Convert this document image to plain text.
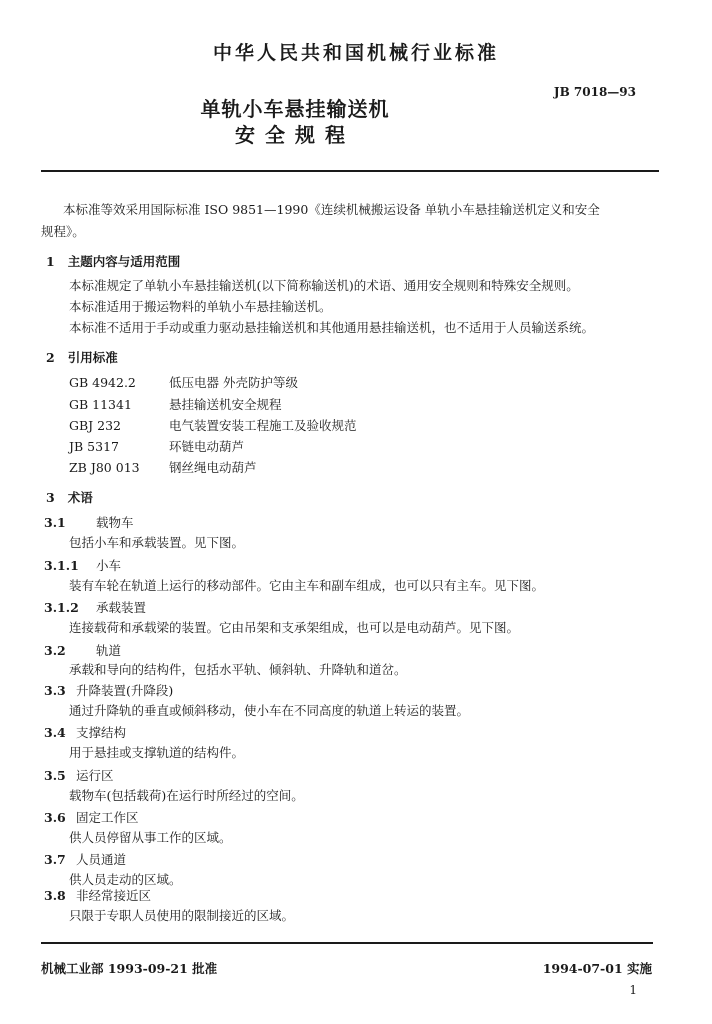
中华人民共和国机械行业标准
JB 7018—93
单轨小车悬挂输送机
安全规程
本标准等效采用国际标准 ISO 9851—1990《连续机械搬运设备 单轨小车悬挂输送机定义和安全
规程》。
1 主题内容与适用范围
本标准规定了单轨小车悬挂输送机(以下简称输送机)的术语、通用安全规则和特殊安全规则。
本标准适用于搬运物料的单轨小车悬挂输送机。
本标准不适用于手动或重力驱动悬挂输送机和其他通用悬挂输送机，也不适用于人员输送系统。
2 引用标准
GB 4942.2	低压电器 外壳防护等级
GB 11341	悬挂输送机安全规程
GBJ 232	电气装置安装工程施工及验收规范
JB 5317	环链电动葫芦
ZB J80 013 钢丝绳电动葫芦
3 术语
3.1 载物车
包括小车和承载装置。见下图。
3.1.1 小车
装有车轮在轨道上运行的移动部件。它由主车和副车组成，也可以只有主车。见下图。
3.1.2 承载装置
连接载荷和承载梁的装置。它由吊架和支承架组成，也可以是电动葫芦。见下图。
3.2 轨道
承载和导向的结构件，包括水平轨、倾斜轨、升降轨和道岔。
3.3 升降装置(升降段)
通过升降轨的垂直或倾斜移动，使小车在不同高度的轨道上转运的装置。
3.4 支撑结构
用于悬挂或支撑轨道的结构件。
3.5 运行区
载物车(包括载荷)在运行时所经过的空间。
3.6 固定工作区
供人员停留从事工作的区域。
3.7 人员通道
供人员走动的区域。
3.8 非经常接近区
只限于专职人员使用的限制接近的区域。
机械工业部 1993-09-21 批准	1994-07-01 实施
1
